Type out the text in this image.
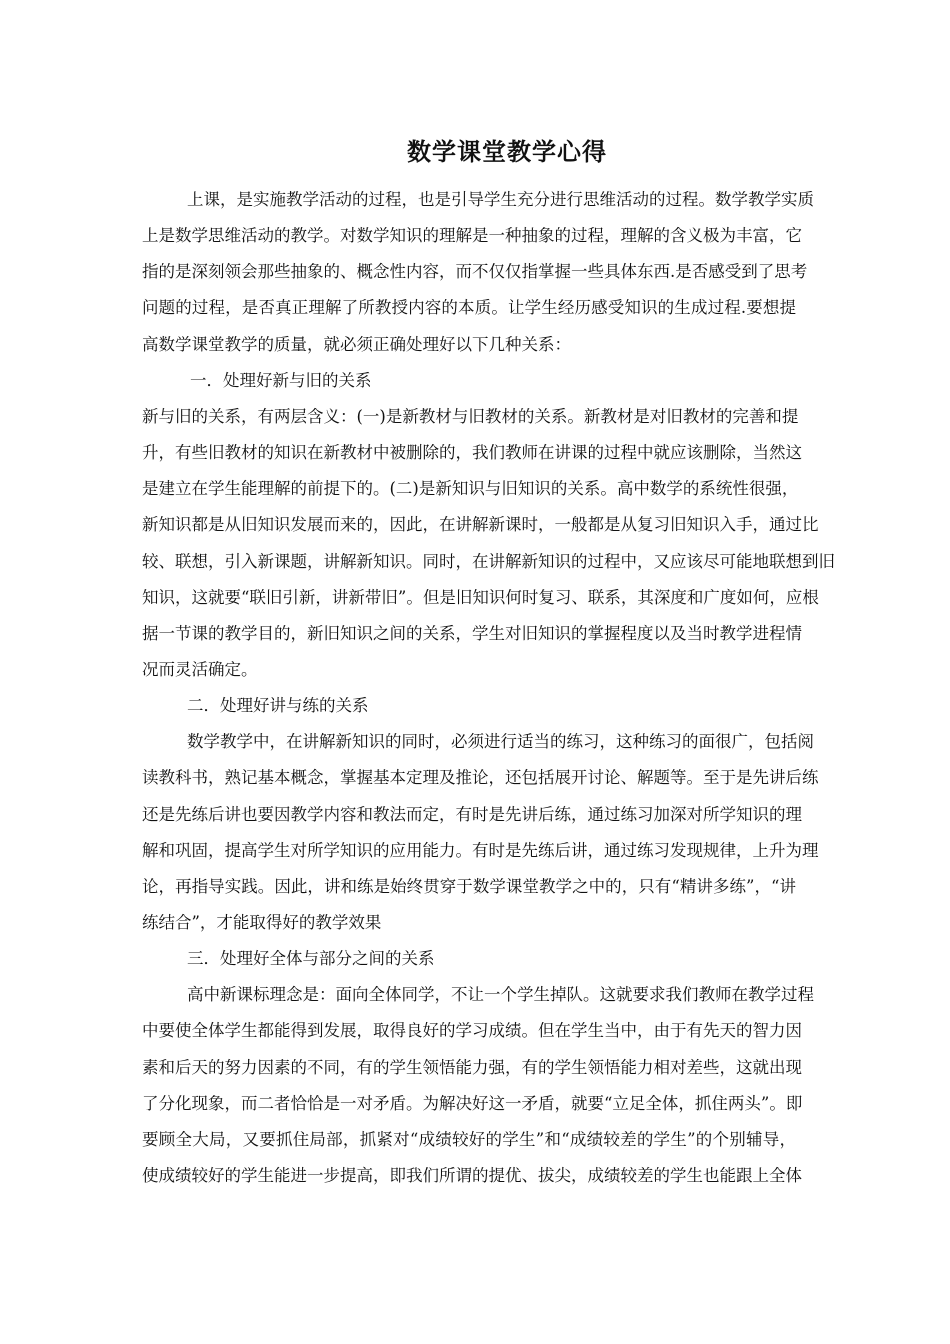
数学课堂教学心得
上课，是实施教学活动的过程，也是引导学生充分进行思维活动的过程。数学教学实质
上是数学思维活动的教学。对数学知识的理解是一种抽象的过程，理解的含义极为丰富，它
指的是深刻领会那些抽象的、概念性内容，而不仅仅指掌握一些具体东西.是否感受到了思考
问题的过程，是否真正理解了所教授内容的本质。让学生经历感受知识的生成过程.要想提
高数学课堂教学的质量，就必须正确处理好以下几种关系：
一．处理好新与旧的关系
新与旧的关系，有两层含义：(一)是新教材与旧教材的关系。新教材是对旧教材的完善和提
升，有些旧教材的知识在新教材中被删除的，我们教师在讲课的过程中就应该删除，当然这
是建立在学生能理解的前提下的。(二)是新知识与旧知识的关系。高中数学的系统性很强，
新知识都是从旧知识发展而来的，因此，在讲解新课时，一般都是从复习旧知识入手，通过比
较、联想，引入新课题，讲解新知识。同时，在讲解新知识的过程中，又应该尽可能地联想到旧
知识，这就要“联旧引新，讲新带旧”。但是旧知识何时复习、联系，其深度和广度如何，应根
据一节课的教学目的，新旧知识之间的关系，学生对旧知识的掌握程度以及当时教学进程情
况而灵活确定。
二．处理好讲与练的关系
数学教学中，在讲解新知识的同时，必须进行适当的练习，这种练习的面很广，包括阅
读教科书，熟记基本概念，掌握基本定理及推论，还包括展开讨论、解题等。至于是先讲后练
还是先练后讲也要因教学内容和教法而定，有时是先讲后练，通过练习加深对所学知识的理
解和巩固，提高学生对所学知识的应用能力。有时是先练后讲，通过练习发现规律，上升为理
论，再指导实践。因此，讲和练是始终贯穿于数学课堂教学之中的，只有“精讲多练”，“讲
练结合”，才能取得好的教学效果
三．处理好全体与部分之间的关系
高中新课标理念是：面向全体同学，不让一个学生掉队。这就要求我们教师在教学过程
中要使全体学生都能得到发展，取得良好的学习成绩。但在学生当中，由于有先天的智力因
素和后天的努力因素的不同，有的学生领悟能力强，有的学生领悟能力相对差些，这就出现
了分化现象，而二者恰恰是一对矛盾。为解决好这一矛盾，就要“立足全体，抓住两头”。即
要顾全大局，又要抓住局部，抓紧对“成绩较好的学生”和“成绩较差的学生”的个别辅导，
使成绩较好的学生能进一步提高，即我们所谓的提优、拔尖，成绩较差的学生也能跟上全体
